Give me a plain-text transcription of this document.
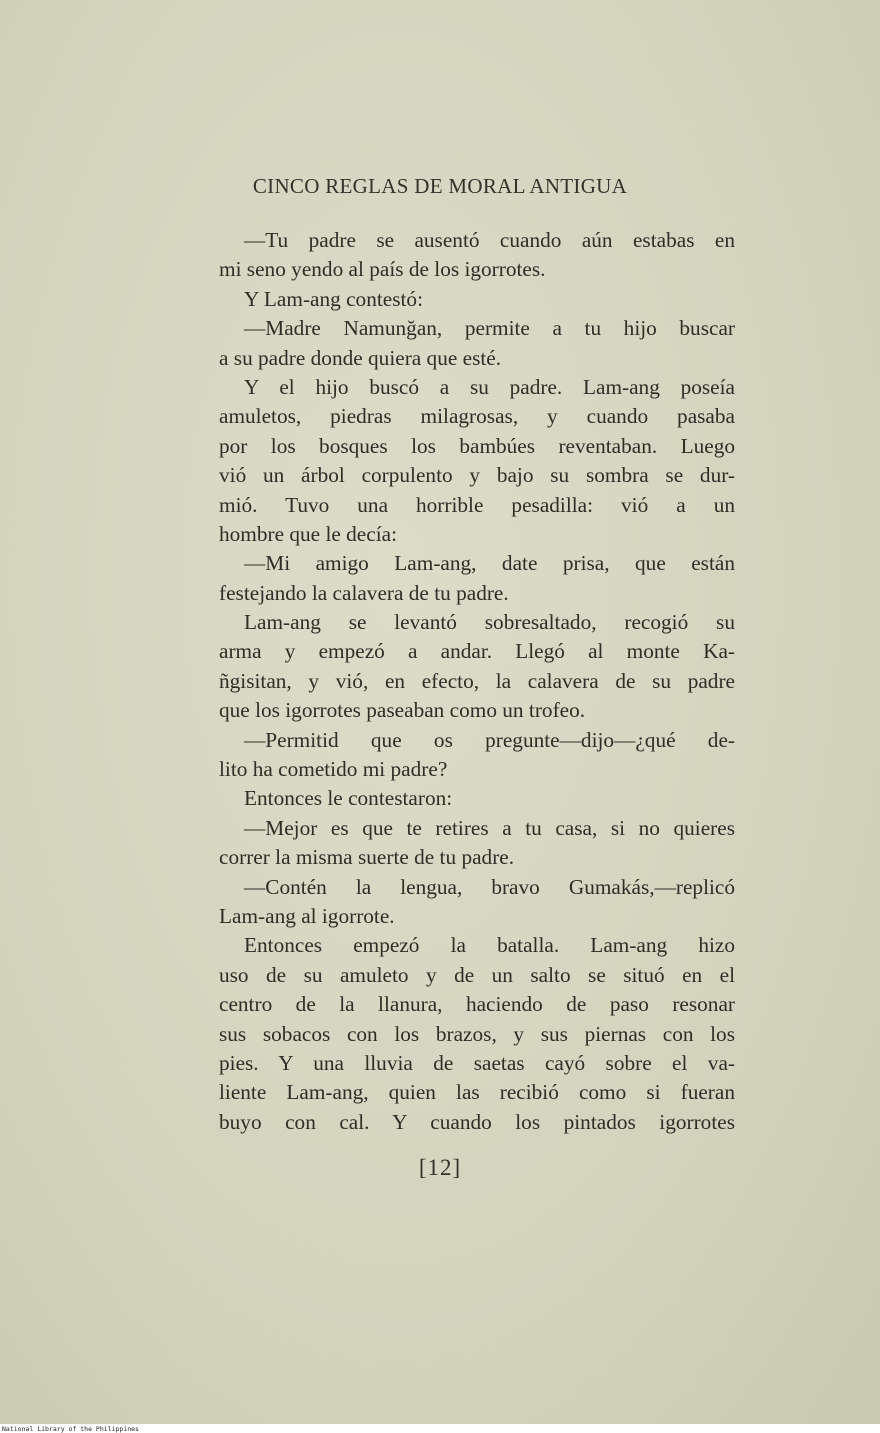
CINCO REGLAS DE MORAL ANTIGUA
—Tu padre se ausentó cuando aún estabas en
mi seno yendo al país de los igorrotes.
Y Lam-ang contestó:
—Madre Namunğan, permite a tu hijo buscar
a su padre donde quiera que esté.
Y el hijo buscó a su padre. Lam-ang poseía
amuletos, piedras milagrosas, y cuando pasaba
por los bosques los bambúes reventaban. Luego
vió un árbol corpulento y bajo su sombra se dur-
mió. Tuvo una horrible pesadilla: vió a un
hombre que le decía:
—Mi amigo Lam-ang, date prisa, que están
festejando la calavera de tu padre.
Lam-ang se levantó sobresaltado, recogió su
arma y empezó a andar. Llegó al monte Ka-
ñgisitan, y vió, en efecto, la calavera de su padre
que los igorrotes paseaban como un trofeo.
—Permitid que os pregunte—dijo—¿qué de-
lito ha cometido mi padre?
Entonces le contestaron:
—Mejor es que te retires a tu casa, si no quieres
correr la misma suerte de tu padre.
—Contén la lengua, bravo Gumakás,—replicó
Lam-ang al igorrote.
Entonces empezó la batalla. Lam-ang hizo
uso de su amuleto y de un salto se situó en el
centro de la llanura, haciendo de paso resonar
sus sobacos con los brazos, y sus piernas con los
pies. Y una lluvia de saetas cayó sobre el va-
liente Lam-ang, quien las recibió como si fueran
buyo con cal. Y cuando los pintados igorrotes
[12]
National Library of the Philippines
